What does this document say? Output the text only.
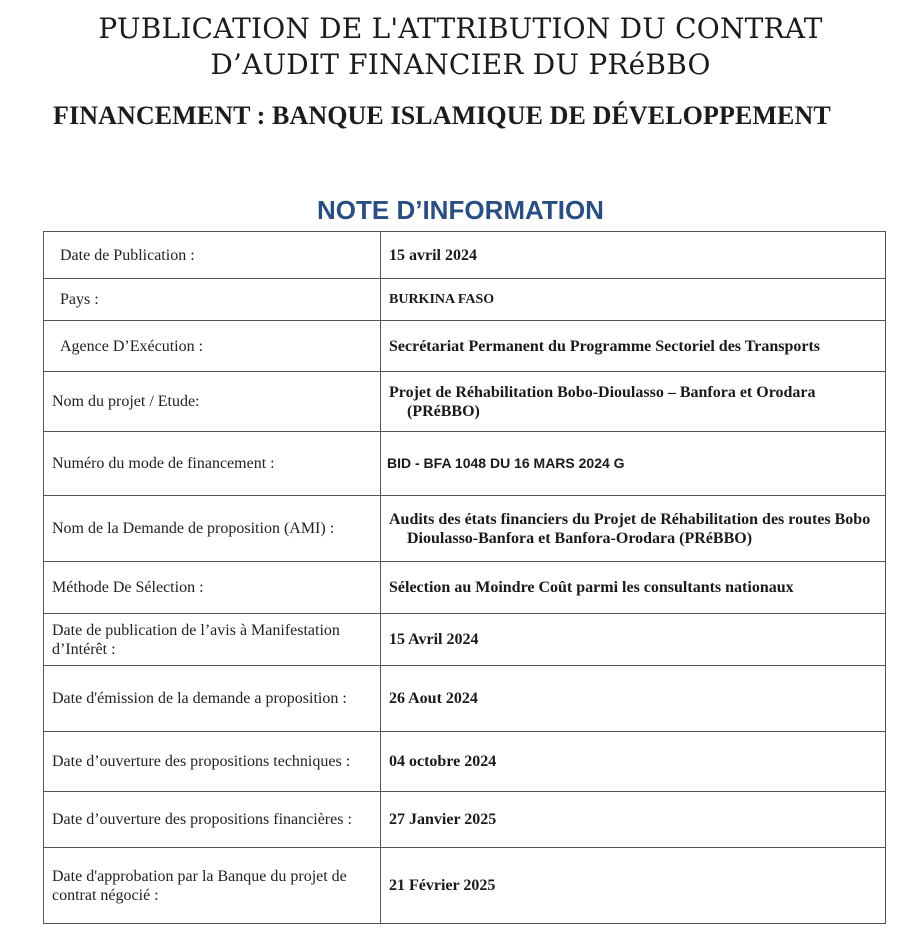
PUBLICATION DE L'ATTRIBUTION DU CONTRAT
D’AUDIT FINANCIER DU PRéBBO
FINANCEMENT : BANQUE ISLAMIQUE DE DÉVELOPPEMENT
NOTE D’INFORMATION
Date de Publication :	15 avril 2024
Pays :	BURKINA FASO
Agence D’Exécution :	Secrétariat Permanent du Programme Sectoriel des Transports

Nom du projet / Etude:	Projet de Réhabilitation Bobo-Dioulasso – Banfora et Orodara (PRéBBO)

Numéro du mode de financement :	BID - BFA 1048 DU 16 MARS 2024 G
Nom de la Demande de proposition (AMI) :	Audits des états financiers du Projet de Réhabilitation des routes Bobo Dioulasso-Banfora et Banfora-Orodara (PRéBBO)

Méthode De Sélection :	Sélection au Moindre Coût parmi les consultants nationaux
Date de publication de l’avis à Manifestation d’Intérêt :	15 Avril 2024
Date d'émission de la demande a proposition :	26 Aout 2024
Date d’ouverture des propositions techniques :	04 octobre 2024
Date d’ouverture des propositions financières :	27 Janvier 2025
Date d'approbation par la Banque du projet de contrat négocié :	21 Février 2025
